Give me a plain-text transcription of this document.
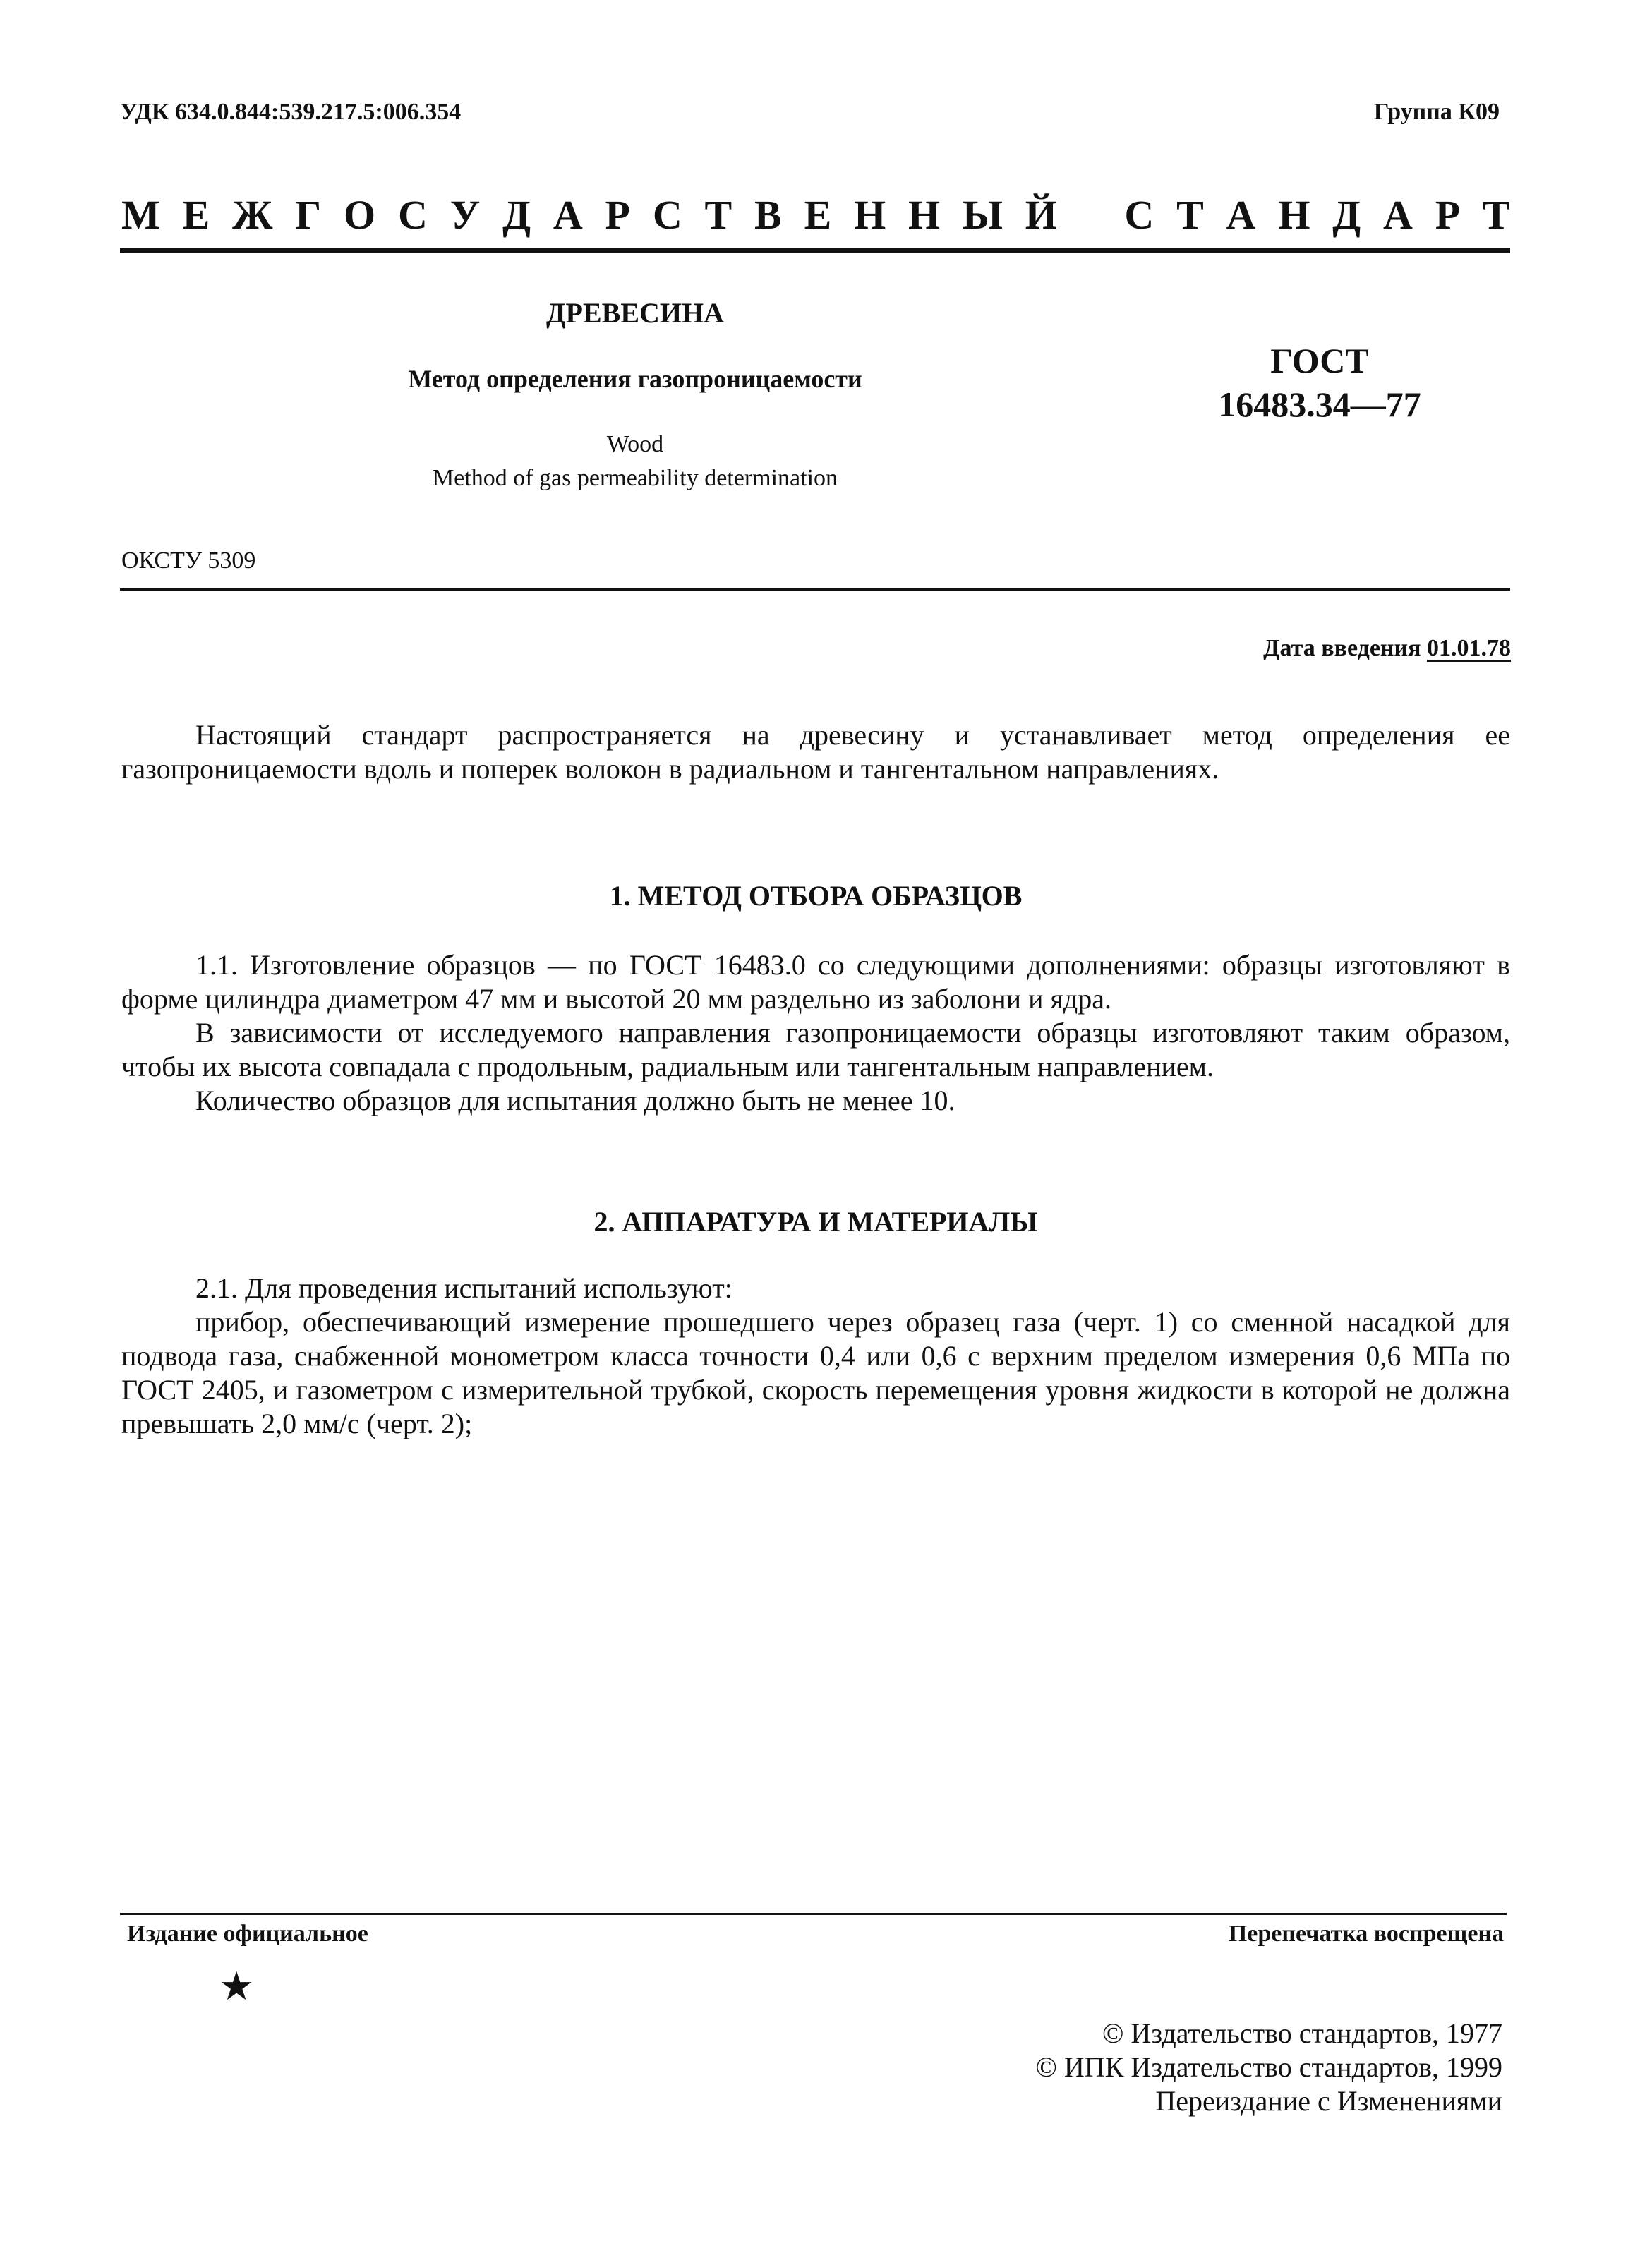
УДК 634.0.844:539.217.5:006.354	Группа К09
М Е Ж Г О С У Д А Р С Т В Е Н Н Ы Й С Т А Н Д А Р Т
ДРЕВЕСИНА
Метод определения газопроницаемости
Wood
Method of gas permeability determination
ГОСТ
16483.34—77
ОКСТУ 5309
Дата введения 01.01.78

Настоящий стандарт распространяется на древесину и устанавливает метод определения ее газопроницаемости вдоль и поперек волокон в радиальном и тангентальном направлениях.

1. МЕТОД ОТБОРА ОБРАЗЦОВ

1.1. Изготовление образцов — по ГОСТ 16483.0 со следующими дополнениями: образцы изготовляют в форме цилиндра диаметром 47 мм и высотой 20 мм раздельно из заболони и ядра.

В зависимости от исследуемого направления газопроницаемости образцы изготовляют таким образом, чтобы их высота совпадала с продольным, радиальным или тангентальным направлением.

Количество образцов для испытания должно быть не менее 10.

2. АППАРАТУРА И МАТЕРИАЛЫ

2.1. Для проведения испытаний используют:

прибор, обеспечивающий измерение прошедшего через образец газа (черт. 1) со сменной насадкой для подвода газа, снабженной монометром класса точности 0,4 или 0,6 с верхним пределом измерения 0,6 МПа по ГОСТ 2405, и газометром с измерительной трубкой, скорость перемещения уровня жидкости в которой не должна превышать 2,0 мм/с (черт. 2);

Издание официальное	Перепечатка воспрещена
★
© Издательство стандартов, 1977
© ИПК Издательство стандартов, 1999
Переиздание с Изменениями
